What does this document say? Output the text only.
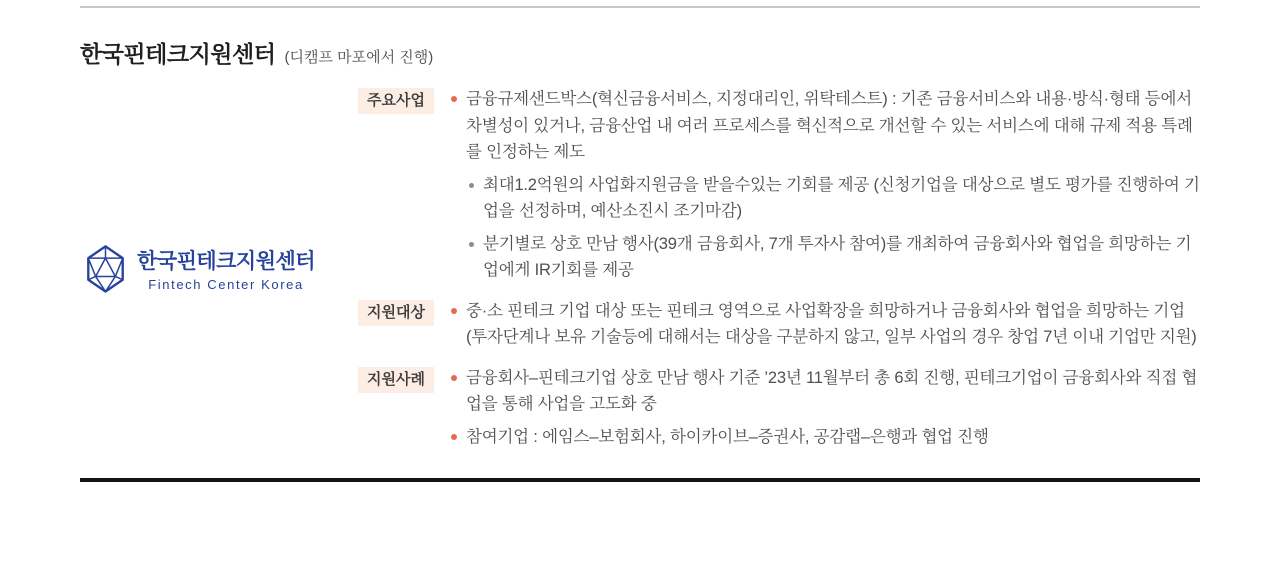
한국핀테크지원센터 (디캠프 마포에서 진행)
한국핀테크지원센터
Fintech Center Korea
주요사업	금융규제샌드박스(혁신금융서비스, 지정대리인, 위탁테스트) : 기존 금융서비스와 내용·방식·형태 등에서 차별성이 있거나, 금융산업 내 여러 프로세스를 혁신적으로 개선할 수 있는 서비스에 대해 규제 적용 특례를 인정하는 제도
최대1.2억원의 사업화지원금을 받을수있는 기회를 제공 (신청기업을 대상으로 별도 평가를 진행하여 기업을 선정하며, 예산소진시 조기마감)
분기별로 상호 만남 행사(39개 금융회사, 7개 투자사 참여)를 개최하여 금융회사와 협업을 희망하는 기업에게 IR기회를 제공
지원대상	중·소 핀테크 기업 대상 또는 핀테크 영역으로 사업확장을 희망하거나 금융회사와 협업을 희망하는 기업 (투자단계나 보유 기술등에 대해서는 대상을 구분하지 않고, 일부 사업의 경우 창업 7년 이내 기업만 지원)
지원사례	금융회사–핀테크기업 상호 만남 행사 기준 ’23년 11월부터 총 6회 진행, 핀테크기업이 금융회사와 직접 협업을 통해 사업을 고도화 중
참여기업 : 에임스–보험회사, 하이카이브–증권사, 공감랩–은행과 협업 진행
